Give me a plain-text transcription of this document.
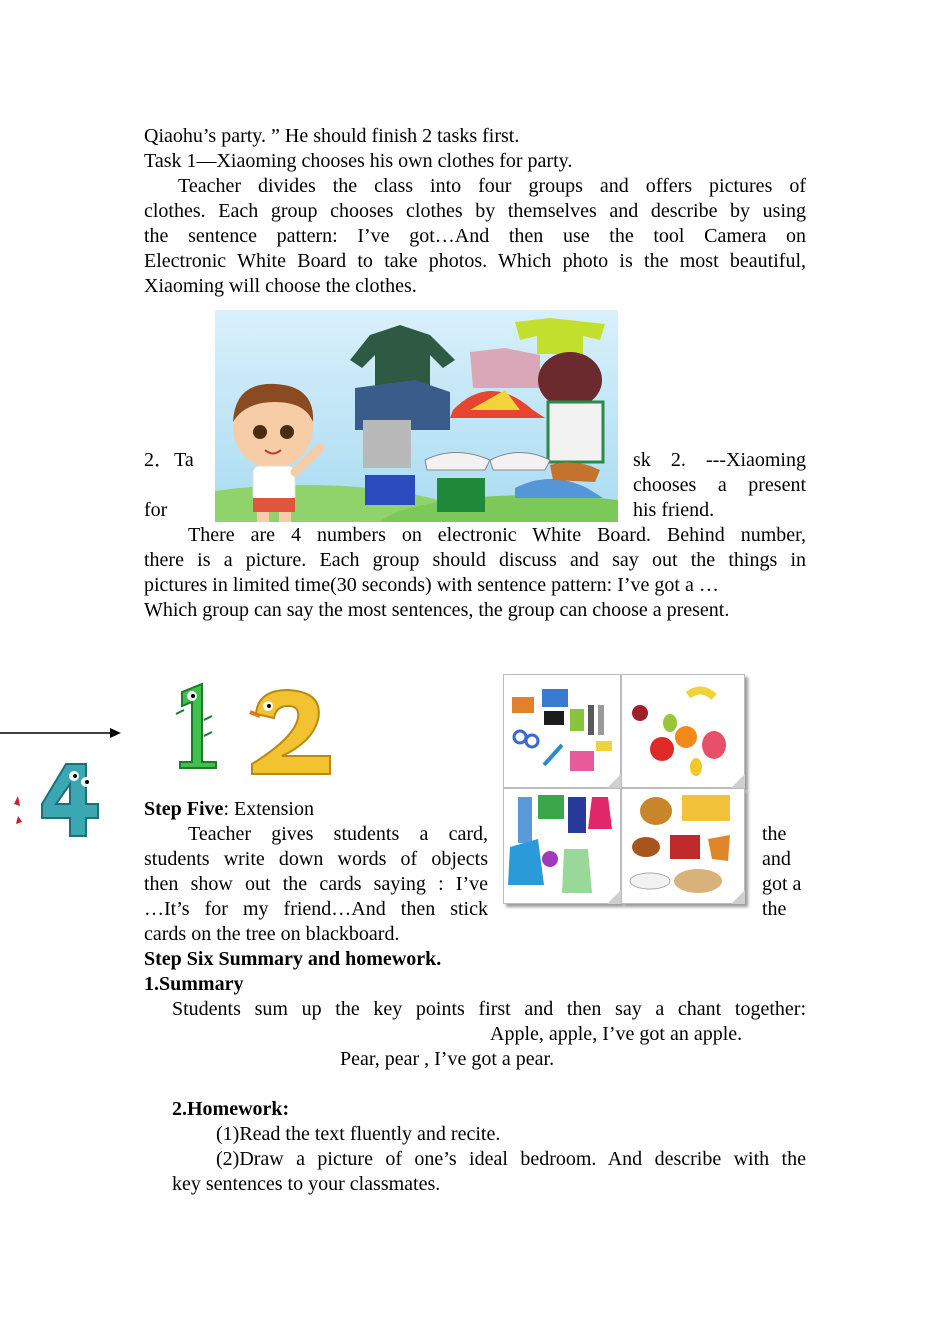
Qiaohu’s party. ” He should finish 2 tasks first.
Task 1—Xiaoming chooses his own clothes for party.
Teacher divides the class into four groups and offers pictures of
clothes. Each group chooses clothes by themselves and describe by using
the sentence pattern: I’ve got…And then use the tool Camera on
Electronic White Board to take photos. Which photo is the most beautiful,
Xiaoming will choose the clothes.
2．Ta
for
sk 2. ---Xiaoming
chooses a present
his friend.
There are 4 numbers on electronic White Board. Behind number,
there is a picture. Each group should discuss and say out the things in
pictures in limited time(30 seconds) with sentence pattern: I’ve got a …
Which group can say the most sentences, the group can choose a present.
Step Five: Extension
Teacher gives students a card,
students write down words of objects
then show out the cards saying : I’ve
…It’s for my friend…And then stick
the
and
got a
the
cards on the tree on blackboard.
Step Six Summary and homework.
1.Summary
Students sum up the key points first and then say a chant together:
Apple, apple, I’ve got an apple.
Pear, pear , I’ve got a pear.
2.Homework:
(1)Read the text fluently and recite.
(2)Draw a picture of one’s ideal bedroom. And describe with the
key sentences to your classmates.
